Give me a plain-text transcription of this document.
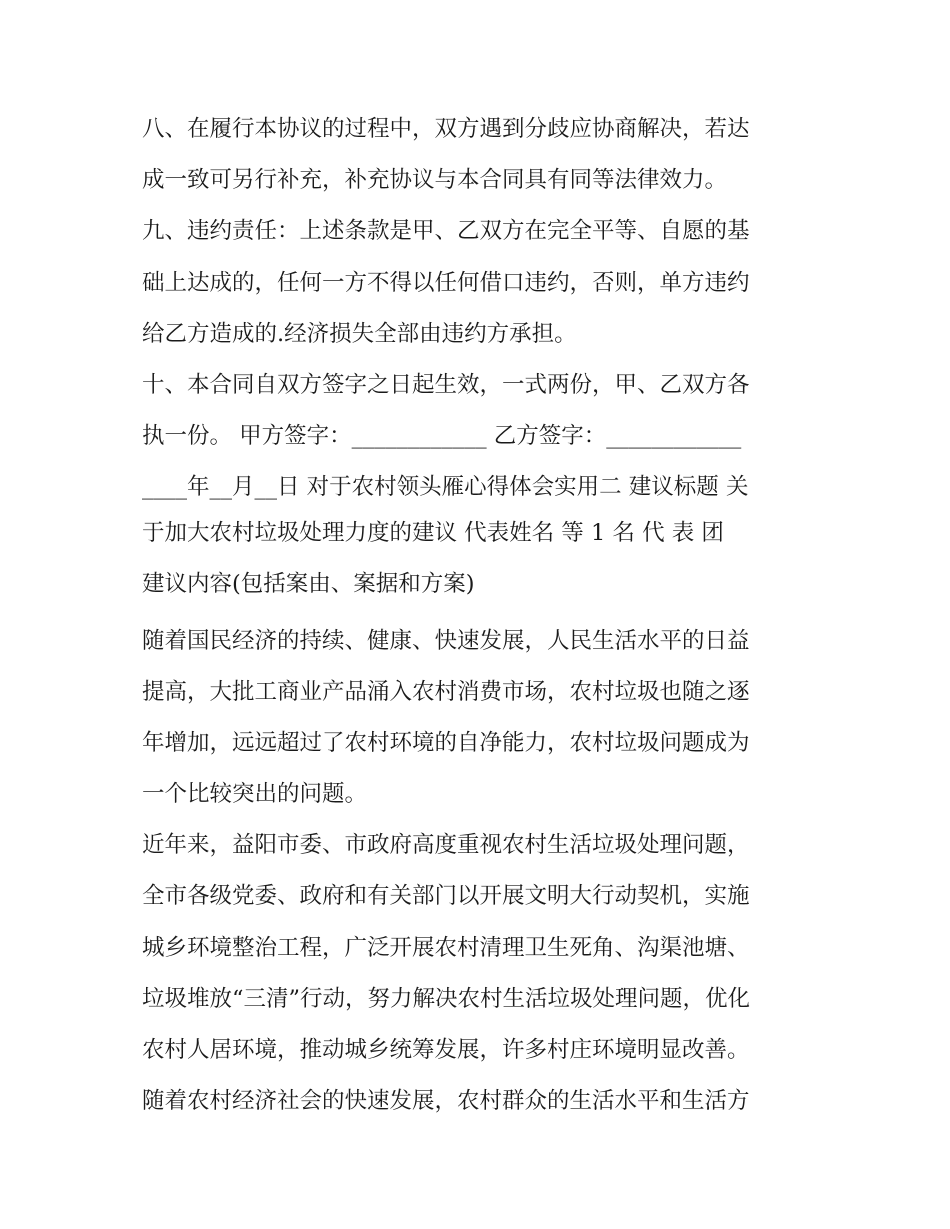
八、在履行本协议的过程中，双方遇到分歧应协商解决，若达
成一致可另行补充，补充协议与本合同具有同等法律效力。
九、违约责任：上述条款是甲、乙双方在完全平等、自愿的基
础上达成的，任何一方不得以任何借口违约，否则，单方违约
给乙方造成的.经济损失全部由违约方承担。
十、本合同自双方签字之日起生效，一式两份，甲、乙双方各
执一份。 甲方签字：____________ 乙方签字：____________
____年__月__日 对于农村领头雁心得体会实用二 建议标题 关
于加大农村垃圾处理力度的建议 代表姓名 等 1 名 代 表 团
建议内容(包括案由、案据和方案)
随着国民经济的持续、健康、快速发展，人民生活水平的日益
提高，大批工商业产品涌入农村消费市场，农村垃圾也随之逐
年增加，远远超过了农村环境的自净能力，农村垃圾问题成为
一个比较突出的问题。
近年来，益阳市委、市政府高度重视农村生活垃圾处理问题，
全市各级党委、政府和有关部门以开展文明大行动契机，实施
城乡环境整治工程，广泛开展农村清理卫生死角、沟渠池塘、
垃圾堆放“三清”行动，努力解决农村生活垃圾处理问题，优化
农村人居环境，推动城乡统筹发展，许多村庄环境明显改善。
随着农村经济社会的快速发展，农村群众的生活水平和生活方
